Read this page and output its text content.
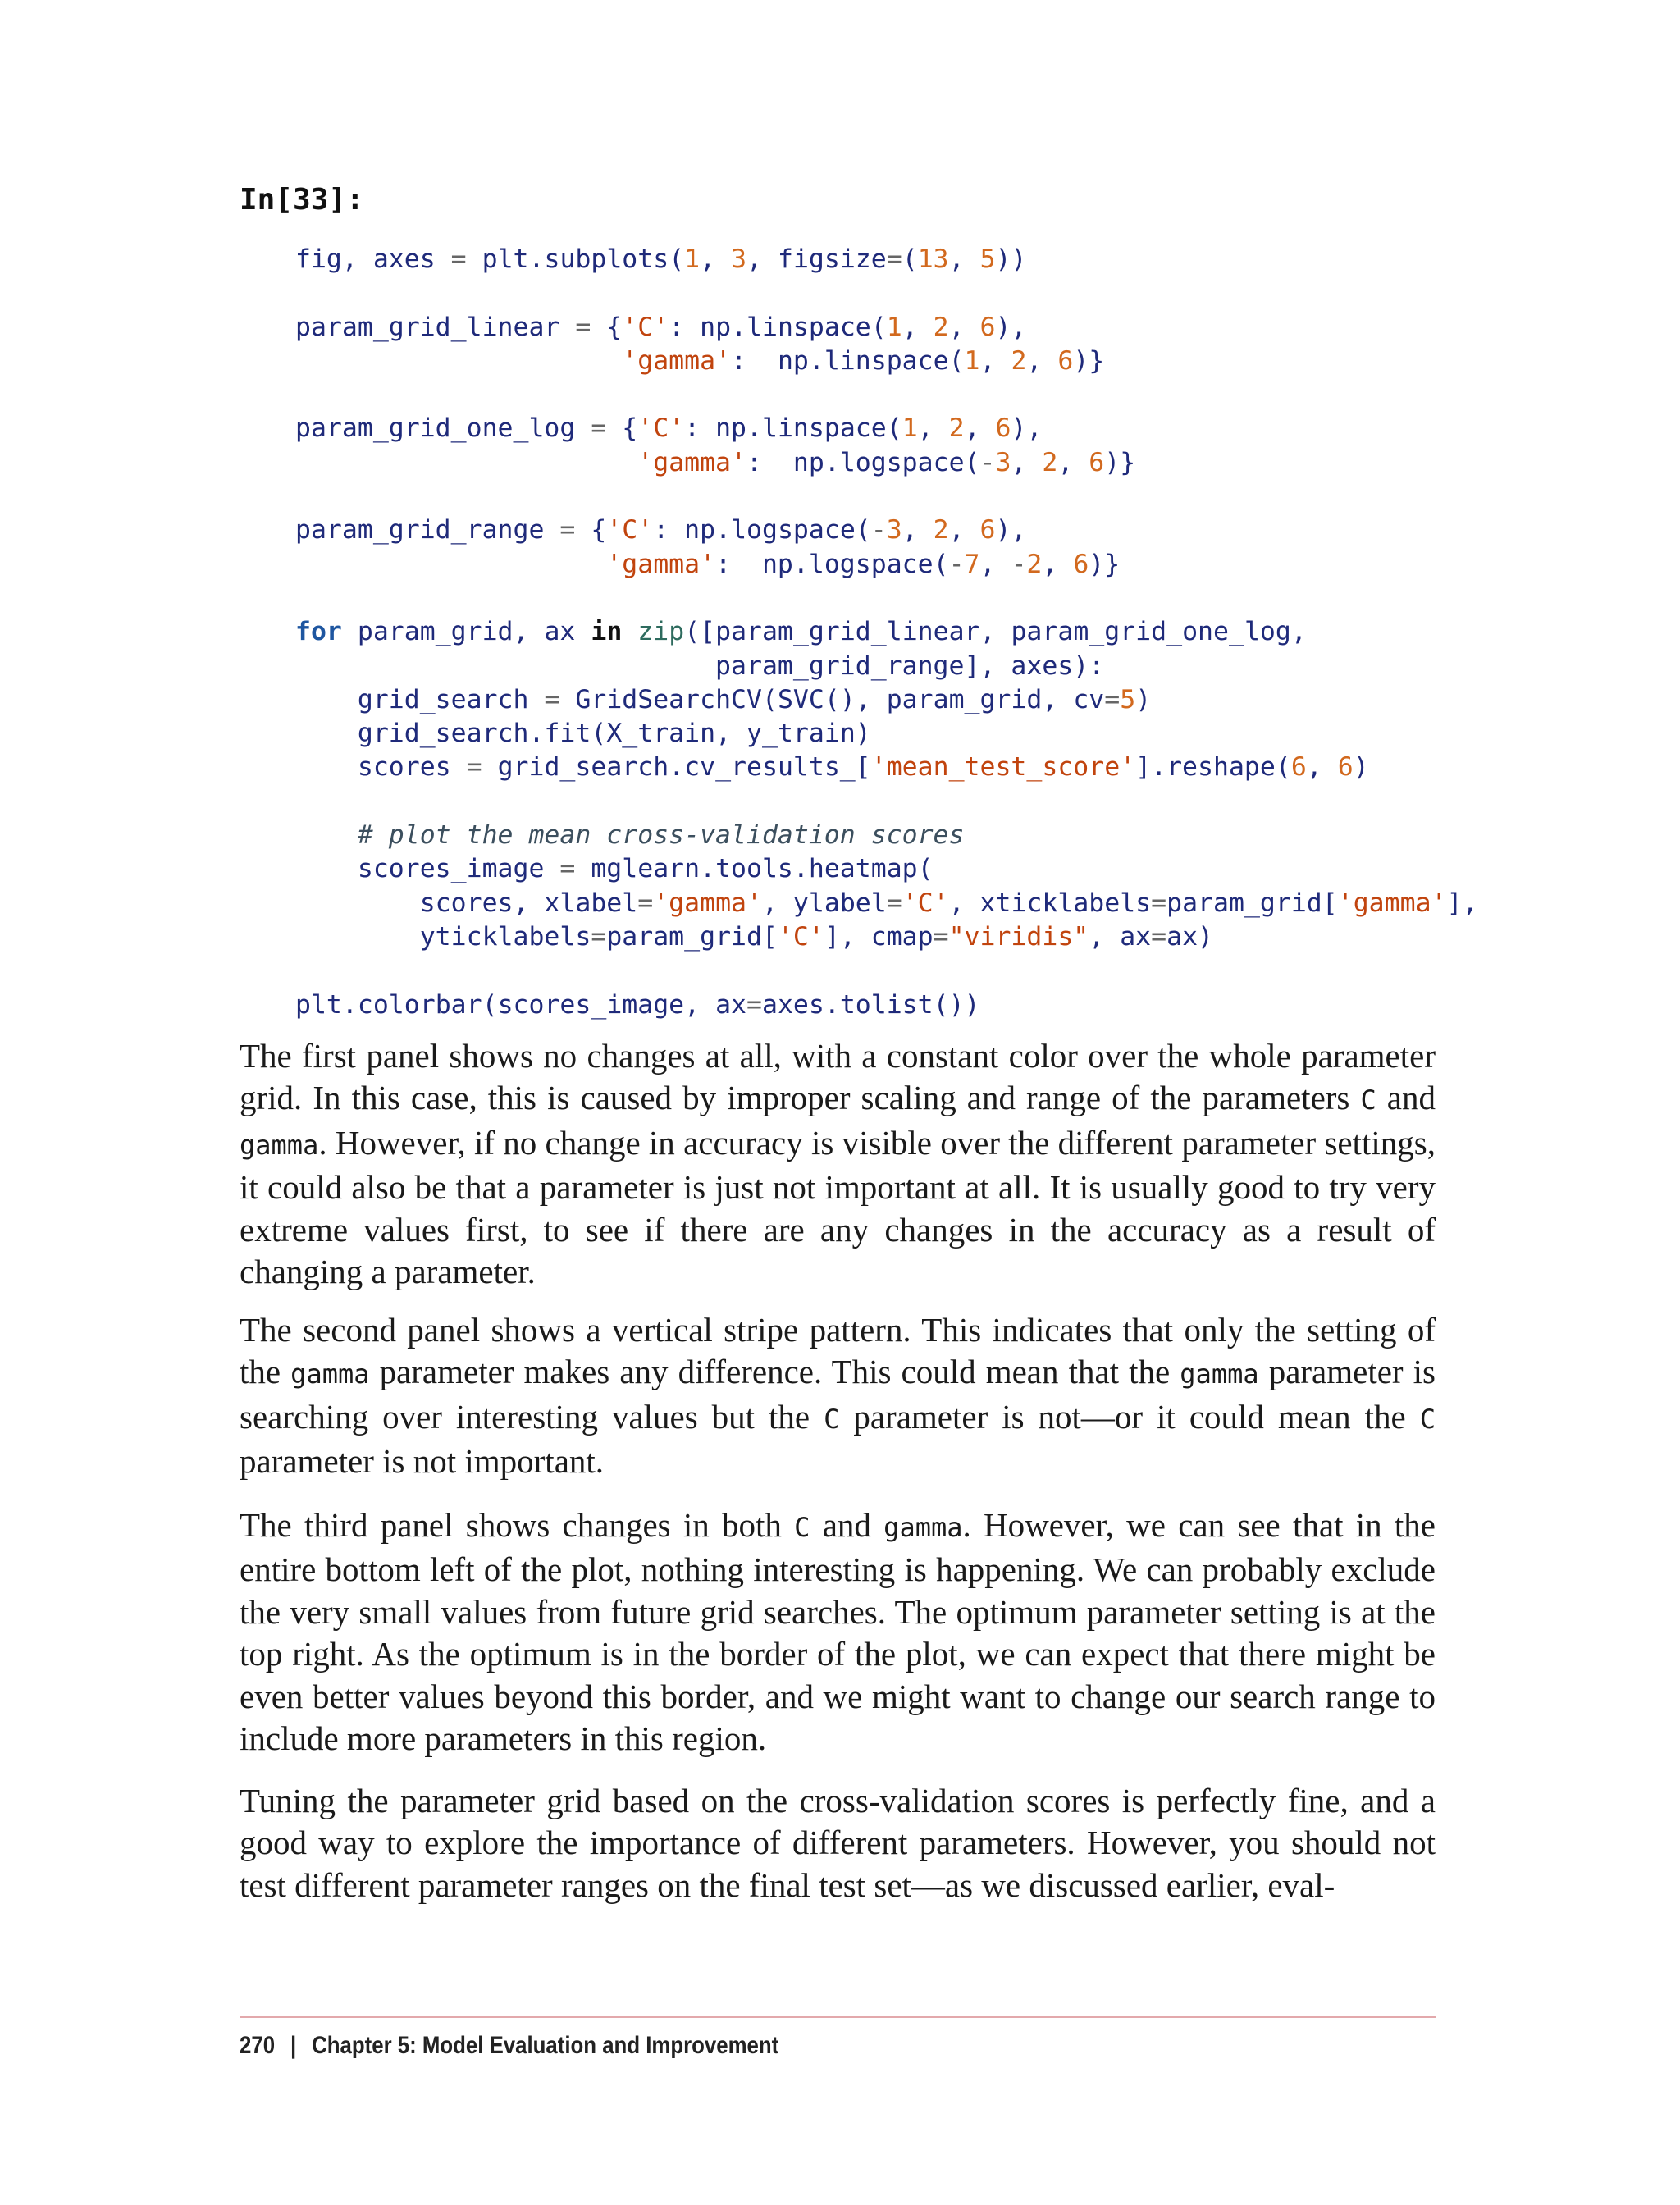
In[33]:
fig, axes = plt.subplots(1, 3, figsize=(13, 5))

param_grid_linear = {'C': np.linspace(1, 2, 6),
'gamma': np.linspace(1, 2, 6)}

param_grid_one_log = {'C': np.linspace(1, 2, 6),
'gamma': np.logspace(-3, 2, 6)}

param_grid_range = {'C': np.logspace(-3, 2, 6),
'gamma': np.logspace(-7, -2, 6)}

for param_grid, ax in zip([param_grid_linear, param_grid_one_log,
param_grid_range], axes):
grid_search = GridSearchCV(SVC(), param_grid, cv=5)
grid_search.fit(X_train, y_train)
scores = grid_search.cv_results_['mean_test_score'].reshape(6, 6)

# plot the mean cross-validation scores
scores_image = mglearn.tools.heatmap(
scores, xlabel='gamma', ylabel='C', xticklabels=param_grid['gamma'],
yticklabels=param_grid['C'], cmap="viridis", ax=ax)

plt.colorbar(scores_image, ax=axes.tolist())

The first panel shows no changes at all, with a constant color over the whole parameter grid. In this case, this is caused by improper scaling and range of the parameters C and gamma. However, if no change in accuracy is visible over the different parameter settings, it could also be that a parameter is just not important at all. It is usually good to try very extreme values first, to see if there are any changes in the accuracy as a result of changing a parameter.

The second panel shows a vertical stripe pattern. This indicates that only the setting of the gamma parameter makes any difference. This could mean that the gamma parameter is searching over interesting values but the C parameter is not—or it could mean the C parameter is not important.

The third panel shows changes in both C and gamma. However, we can see that in the entire bottom left of the plot, nothing interesting is happening. We can probably exclude the very small values from future grid searches. The optimum parameter setting is at the top right. As the optimum is in the border of the plot, we can expect that there might be even better values beyond this border, and we might want to change our search range to include more parameters in this region.

Tuning the parameter grid based on the cross-validation scores is perfectly fine, and a good way to explore the importance of different parameters. However, you should not test different parameter ranges on the final test set—as we discussed earlier, eval-

270 | Chapter 5: Model Evaluation and Improvement
